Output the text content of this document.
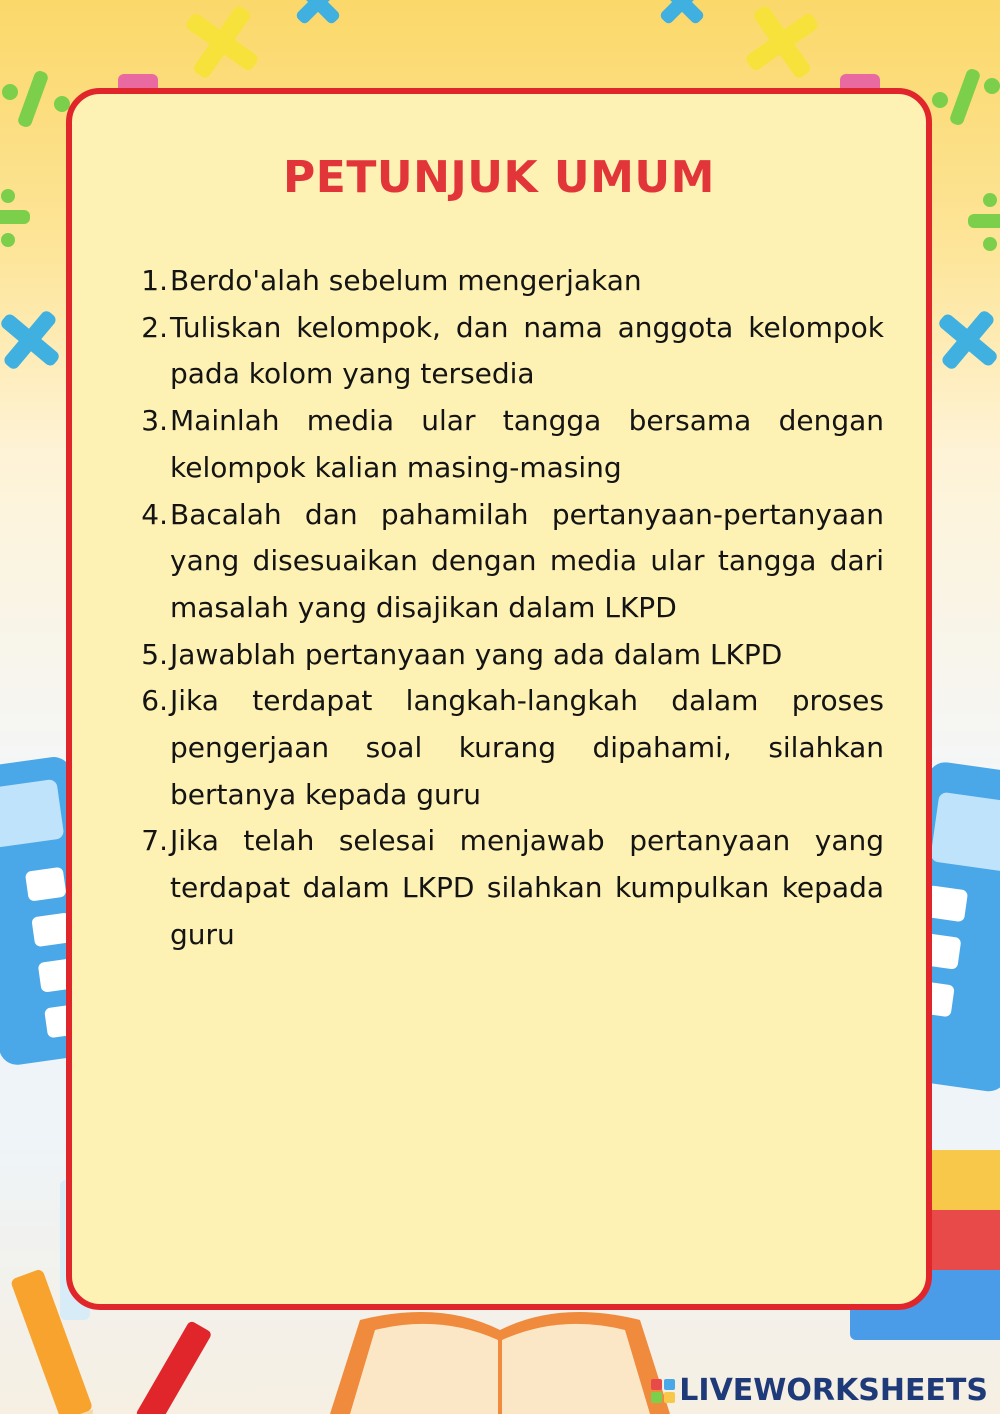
PETUNJUK UMUM
1. Berdo'alah sebelum mengerjakan
2. Tuliskan kelompok, dan nama anggota kelompok pada kolom yang tersedia
3. Mainlah media ular tangga bersama dengan kelompok kalian masing-masing
4. Bacalah dan pahamilah pertanyaan-pertanyaan yang disesuaikan dengan media ular tangga dari masalah yang disajikan dalam LKPD
5. Jawablah pertanyaan yang ada dalam LKPD
6. Jika terdapat langkah-langkah dalam proses pengerjaan soal kurang dipahami, silahkan bertanya kepada guru
7. Jika telah selesai menjawab pertanyaan yang terdapat dalam LKPD silahkan kumpulkan kepada guru
LIVEWORKSHEETS
